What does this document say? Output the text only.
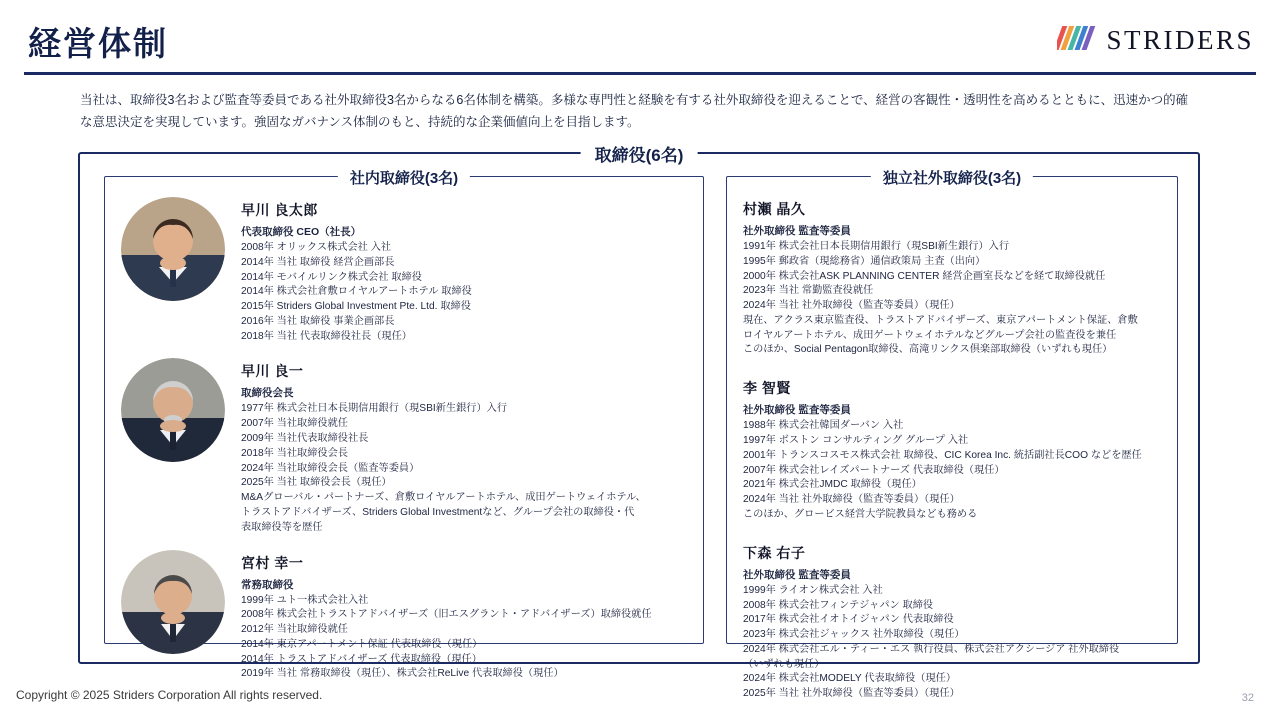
経営体制	STRIDERS
当社は、取締役3名および監査等委員である社外取締役3名からなる6名体制を構築。多様な専門性と経験を有する社外取締役を迎えることで、経営の客観性・透明性を高めるとともに、迅速かつ的確な意思決定を実現しています。強固なガバナンス体制のもと、持続的な企業価値向上を目指します。
取締役(6名)
社内取締役(3名)
早川 良太郎
代表取締役 CEO（社長）
2008年 オリックス株式会社 入社
2014年 当社 取締役 経営企画部長
2014年 モバイルリンク株式会社 取締役
2014年 株式会社倉敷ロイヤルアートホテル 取締役
2015年 Striders Global Investment Pte. Ltd. 取締役
2016年 当社 取締役 事業企画部長
2018年 当社 代表取締役社長（現任）
早川 良一
取締役会長
1977年 株式会社日本長期信用銀行（現SBI新生銀行）入行
2007年 当社取締役就任
2009年 当社代表取締役社長
2018年 当社取締役会長
2024年 当社取締役会長（監査等委員）
2025年 当社 取締役会長（現任）
M&Aグローバル・パートナーズ、倉敷ロイヤルアートホテル、成田ゲートウェイホテル、
トラストアドバイザーズ、Striders Global Investmentなど、グループ会社の取締役・代
表取締役等を歴任
宮村 幸一
常務取締役
1999年 ユト一株式会社入社
2008年 株式会社トラストアドバイザーズ（旧エスグラント・アドバイザーズ）取締役就任
2012年 当社取締役就任
2014年 東京アパートメント保証 代表取締役（現任）
2014年 トラストアドバイザーズ 代表取締役（現任）
2019年 当社 常務取締役（現任）、株式会社ReLive 代表取締役（現任）
独立社外取締役(3名)
村瀬 晶久
社外取締役 監査等委員
1991年 株式会社日本長期信用銀行（現SBI新生銀行）入行
1995年 郵政省（現総務省）通信政策局 主査（出向）
2000年 株式会社ASK PLANNING CENTER 経営企画室長などを経て取締役就任
2023年 当社 常勤監査役就任
2024年 当社 社外取締役（監査等委員）（現任）
現在、アクラス東京監査役、トラストアドバイザーズ、東京アパートメント保証、倉敷
ロイヤルアートホテル、成田ゲートウェイホテルなどグループ会社の監査役を兼任
このほか、Social Pentagon取締役、高滝リンクス倶楽部取締役（いずれも現任）
李 智賢
社外取締役 監査等委員
1988年 株式会社韓国ダーバン 入社
1997年 ボストン コンサルティング グループ 入社
2001年 トランスコスモス株式会社 取締役、CIC Korea Inc. 統括副社長COO などを歴任
2007年 株式会社レイズパートナーズ 代表取締役（現任）
2021年 株式会社JMDC 取締役（現任）
2024年 当社 社外取締役（監査等委員）（現任）
このほか、グロービス経営大学院教員なども務める
下森 右子
社外取締役 監査等委員
1999年 ライオン株式会社 入社
2008年 株式会社フィンテジャパン 取締役
2017年 株式会社イオトイジャパン 代表取締役
2023年 株式会社ジャックス 社外取締役（現任）
2024年 株式会社エル・ティー・エス 執行役員、株式会社アクシージア 社外取締役
（いずれも現任）
2024年 株式会社MODELY 代表取締役（現任）
2025年 当社 社外取締役（監査等委員）（現任）
Copyright © 2025 Striders Corporation All rights reserved.	32
